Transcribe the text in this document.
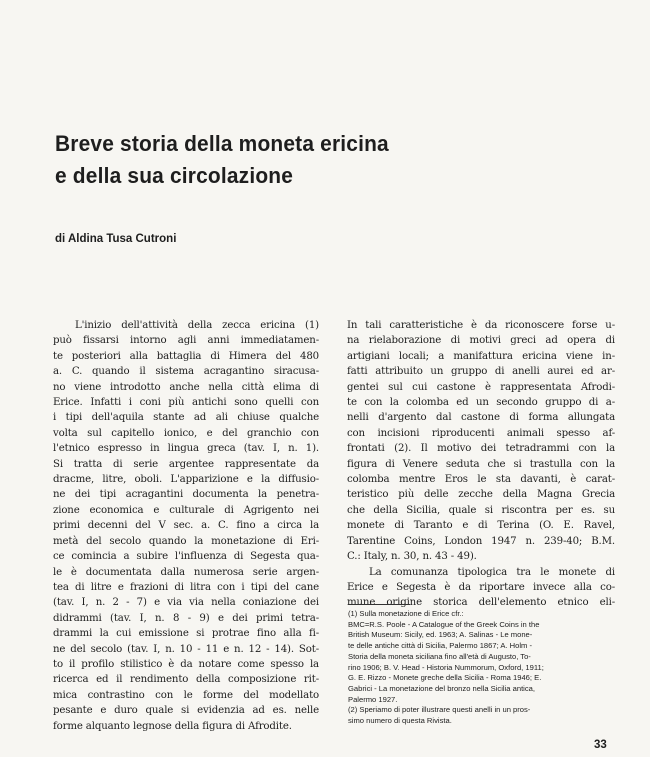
Breve storia della moneta ericina
e della sua circolazione
di Aldina Tusa Cutroni
L'inizio dell'attività della zecca ericina (1)
può fissarsi intorno agli anni immediatamen-
te posteriori alla battaglia di Himera del 480
a. C. quando il sistema acragantino siracusa-
no viene introdotto anche nella città elima di
Erice. Infatti i coni più antichi sono quelli con
i tipi dell'aquila stante ad ali chiuse qualche
volta sul capitello ionico, e del granchio con
l'etnico espresso in lingua greca (tav. I, n. 1).
Si tratta di serie argentee rappresentate da
dracme, litre, oboli. L'apparizione e la diffusio-
ne dei tipi acragantini documenta la penetra-
zione economica e culturale di Agrigento nei
primi decenni del V sec. a. C. fino a circa la
metà del secolo quando la monetazione di Eri-
ce comincia a subire l'influenza di Segesta qua-
le è documentata dalla numerosa serie argen-
tea di litre e frazioni di litra con i tipi del cane
(tav. I, n. 2 - 7) e via via nella coniazione dei
didrammi (tav. I, n. 8 - 9) e dei primi tetra-
drammi la cui emissione si protrae fino alla fi-
ne del secolo (tav. I, n. 10 - 11 e n. 12 - 14). Sot-
to il profilo stilistico è da notare come spesso la
ricerca ed il rendimento della composizione rit-
mica contrastino con le forme del modellato
pesante e duro quale si evidenzia ad es. nelle
forme alquanto legnose della figura di Afrodite.
In tali caratteristiche è da riconoscere forse u-
na rielaborazione di motivi greci ad opera di
artigiani locali; a manifattura ericina viene in-
fatti attribuito un gruppo di anelli aurei ed ar-
gentei sul cui castone è rappresentata Afrodi-
te con la colomba ed un secondo gruppo di a-
nelli d'argento dal castone di forma allungata
con incisioni riproducenti animali spesso af-
frontati (2). Il motivo dei tetradrammi con la
figura di Venere seduta che si trastulla con la
colomba mentre Eros le sta davanti, è carat-
teristico più delle zecche della Magna Grecia
che della Sicilia, quale si riscontra per es. su
monete di Taranto e di Terina (O. E. Ravel,
Tarentine Coins, London 1947 n. 239-40; B.M.
C.: Italy, n. 30, n. 43 - 49).
La comunanza tipologica tra le monete di
Erice e Segesta è da riportare invece alla co-
mune origine storica dell'elemento etnico eli-
(1) Sulla monetazione di Erice cfr.:
BMC=R.S. Poole - A Catalogue of the Greek Coins in the
British Museum: Sicily, ed. 1963; A. Salinas - Le mone-
te delle antiche città di Sicilia, Palermo 1867; A. Holm -
Storia della moneta siciliana fino all'età di Augusto, To-
rino 1906; B. V. Head - Historia Nummorum, Oxford, 1911;
G. E. Rizzo - Monete greche della Sicilia - Roma 1946; E.
Gabrici - La monetazione del bronzo nella Sicilia antica,
Palermo 1927.
(2) Speriamo di poter illustrare questi anelli in un pros-
simo numero di questa Rivista.
33
